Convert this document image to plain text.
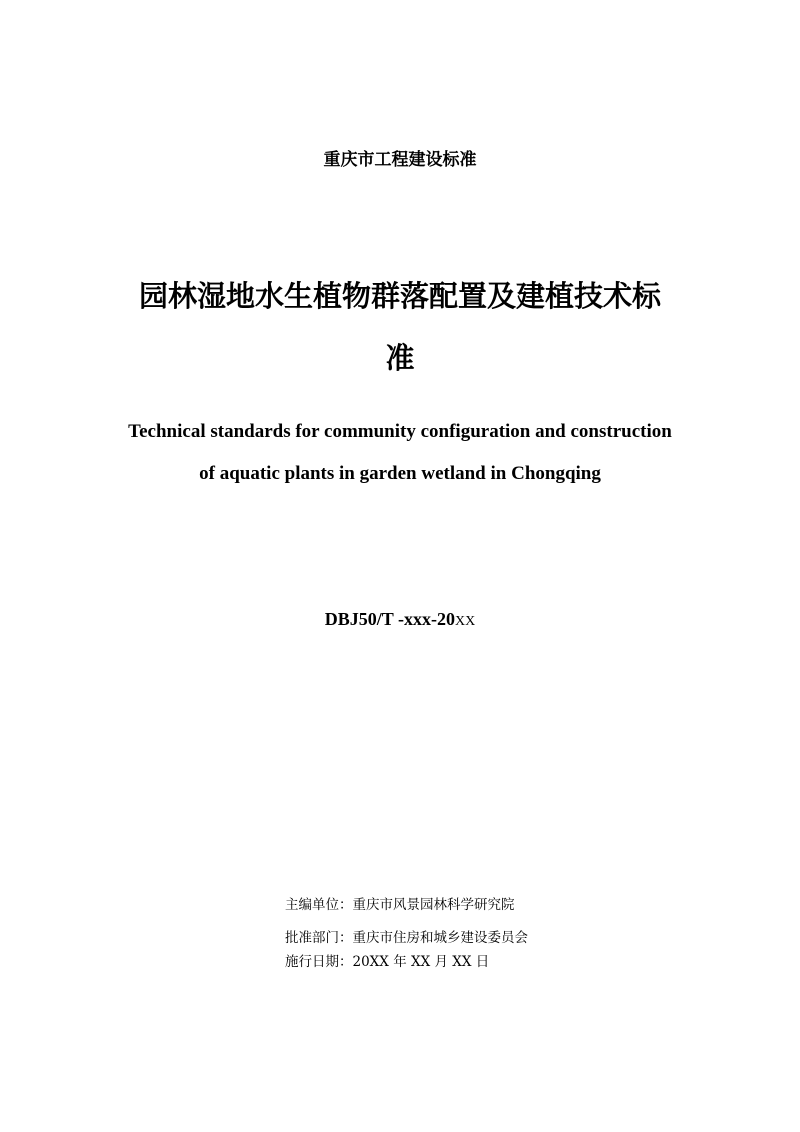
重庆市工程建设标准
园林湿地水生植物群落配置及建植技术标
准
Technical standards for community configuration and construction
of aquatic plants in garden wetland in Chongqing
DBJ50/T -xxx-20XX
主编单位：重庆市风景园林科学研究院
批准部门：重庆市住房和城乡建设委员会
施行日期：20XX 年 XX 月 XX 日
